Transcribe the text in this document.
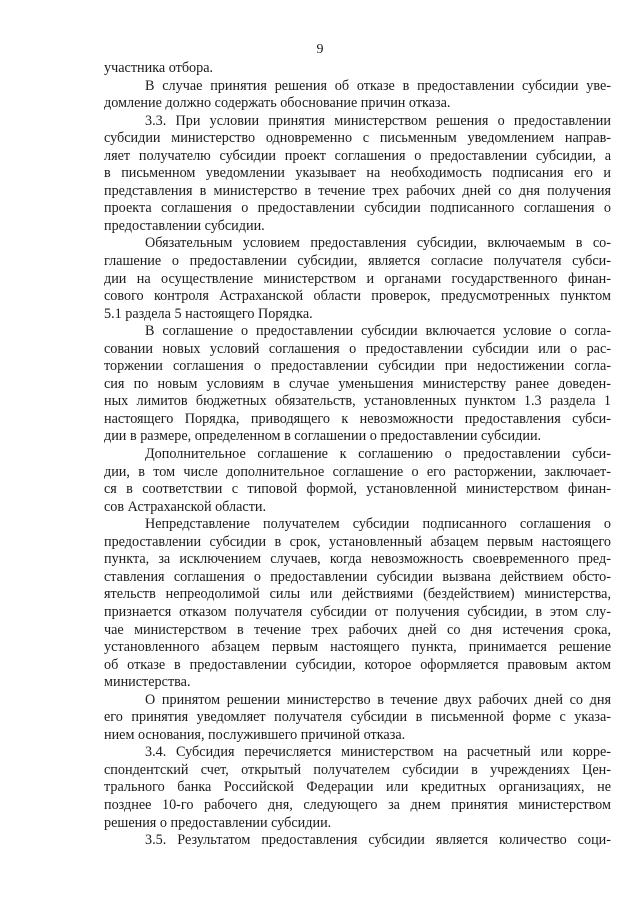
9
участника отбора.
В случае принятия решения об отказе в предоставлении субсидии уве-
домление должно содержать обоснование причин отказа.
3.3. При условии принятия министерством решения о предоставлении
субсидии министерство одновременно с письменным уведомлением направ-
ляет получателю субсидии проект соглашения о предоставлении субсидии, а
в письменном уведомлении указывает на необходимость подписания его и
представления в министерство в течение трех рабочих дней со дня получения
проекта соглашения о предоставлении субсидии подписанного соглашения о
предоставлении субсидии.
Обязательным условием предоставления субсидии, включаемым в со-
глашение о предоставлении субсидии, является согласие получателя субси-
дии на осуществление министерством и органами государственного финан-
сового контроля Астраханской области проверок, предусмотренных пунктом
5.1 раздела 5 настоящего Порядка.
В соглашение о предоставлении субсидии включается условие о согла-
совании новых условий соглашения о предоставлении субсидии или о рас-
торжении соглашения о предоставлении субсидии при недостижении согла-
сия по новым условиям в случае уменьшения министерству ранее доведен-
ных лимитов бюджетных обязательств, установленных пунктом 1.3 раздела 1
настоящего Порядка, приводящего к невозможности предоставления субси-
дии в размере, определенном в соглашении о предоставлении субсидии.
Дополнительное соглашение к соглашению о предоставлении субси-
дии, в том числе дополнительное соглашение о его расторжении, заключает-
ся в соответствии с типовой формой, установленной министерством финан-
сов Астраханской области.
Непредставление получателем субсидии подписанного соглашения о
предоставлении субсидии в срок, установленный абзацем первым настоящего
пункта, за исключением случаев, когда невозможность своевременного пред-
ставления соглашения о предоставлении субсидии вызвана действием обсто-
ятельств непреодолимой силы или действиями (бездействием) министерства,
признается отказом получателя субсидии от получения субсидии, в этом слу-
чае министерством в течение трех рабочих дней со дня истечения срока,
установленного абзацем первым настоящего пункта, принимается решение
об отказе в предоставлении субсидии, которое оформляется правовым актом
министерства.
О принятом решении министерство в течение двух рабочих дней со дня
его принятия уведомляет получателя субсидии в письменной форме с указа-
нием основания, послужившего причиной отказа.
3.4. Субсидия перечисляется министерством на расчетный или корре-
спондентский счет, открытый получателем субсидии в учреждениях Цен-
трального банка Российской Федерации или кредитных организациях, не
позднее 10-го рабочего дня, следующего за днем принятия министерством
решения о предоставлении субсидии.
3.5. Результатом предоставления субсидии является количество соци-
